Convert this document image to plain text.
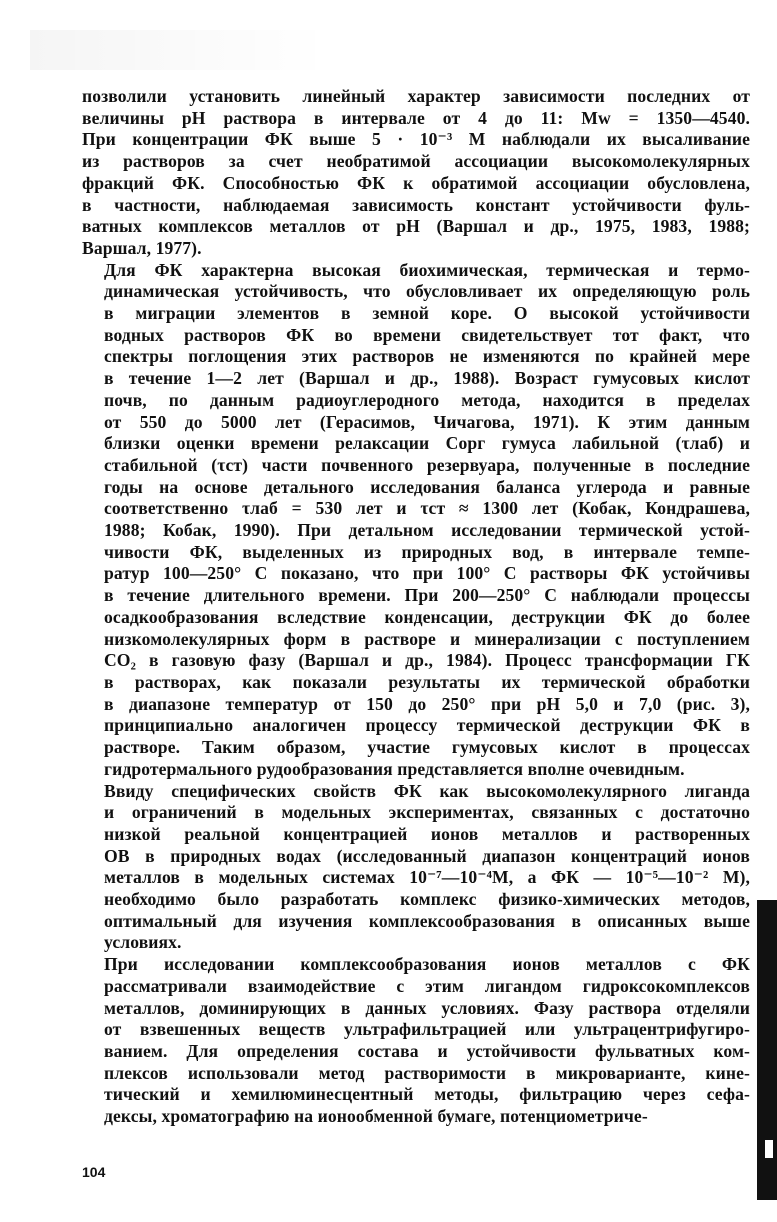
позволили установить линейный характер зависимости последних от
величины pH раствора в интервале от 4 до 11: Mw = 1350—4540.
При концентрации ФК выше 5 · 10⁻³ М наблюдали их высаливание
из растворов за счет необратимой ассоциации высокомолекулярных
фракций ФК. Способностью ФК к обратимой ассоциации обусловлена,
в частности, наблюдаемая зависимость констант устойчивости фуль-
ватных комплексов металлов от pH (Варшал и др., 1975, 1983, 1988;
Варшал, 1977).
Для ФК характерна высокая биохимическая, термическая и термо-
динамическая устойчивость, что обусловливает их определяющую роль
в миграции элементов в земной коре. О высокой устойчивости
водных растворов ФК во времени свидетельствует тот факт, что
спектры поглощения этих растворов не изменяются по крайней мере
в течение 1—2 лет (Варшал и др., 1988). Возраст гумусовых кислот
почв, по данным радиоуглеродного метода, находится в пределах
от 550 до 5000 лет (Герасимов, Чичагова, 1971). К этим данным
близки оценки времени релаксации Сорг гумуса лабильной (τлаб) и
стабильной (τст) части почвенного резервуара, полученные в последние
годы на основе детального исследования баланса углерода и равные
соответственно τлаб = 530 лет и τст ≈ 1300 лет (Кобак, Кондрашева,
1988; Кобак, 1990). При детальном исследовании термической устой-
чивости ФК, выделенных из природных вод, в интервале темпе-
ратур 100—250° С показано, что при 100° С растворы ФК устойчивы
в течение длительного времени. При 200—250° С наблюдали процессы
осадкообразования вследствие конденсации, деструкции ФК до более
низкомолекулярных форм в растворе и минерализации с поступлением
СО₂ в газовую фазу (Варшал и др., 1984). Процесс трансформации ГК
в растворах, как показали результаты их термической обработки
в диапазоне температур от 150 до 250° при pH 5,0 и 7,0 (рис. 3),
принципиально аналогичен процессу термической деструкции ФК в
растворе. Таким образом, участие гумусовых кислот в процессах
гидротермального рудообразования представляется вполне очевидным.
Ввиду специфических свойств ФК как высокомолекулярного лиганда
и ограничений в модельных экспериментах, связанных с достаточно
низкой реальной концентрацией ионов металлов и растворенных
ОВ в природных водах (исследованный диапазон концентраций ионов
металлов в модельных системах 10⁻⁷—10⁻⁴М, а ФК — 10⁻⁵—10⁻² М),
необходимо было разработать комплекс физико-химических методов,
оптимальный для изучения комплексообразования в описанных выше
условиях.
При исследовании комплексообразования ионов металлов с ФК
рассматривали взаимодействие с этим лигандом гидроксокомплексов
металлов, доминирующих в данных условиях. Фазу раствора отделяли
от взвешенных веществ ультрафильтрацией или ультрацентрифугиро-
ванием. Для определения состава и устойчивости фульватных ком-
плексов использовали метод растворимости в микроварианте, кине-
тический и хемилюминесцентный методы, фильтрацию через сефа-
дексы, хроматографию на ионообменной бумаге, потенциометриче-
104
